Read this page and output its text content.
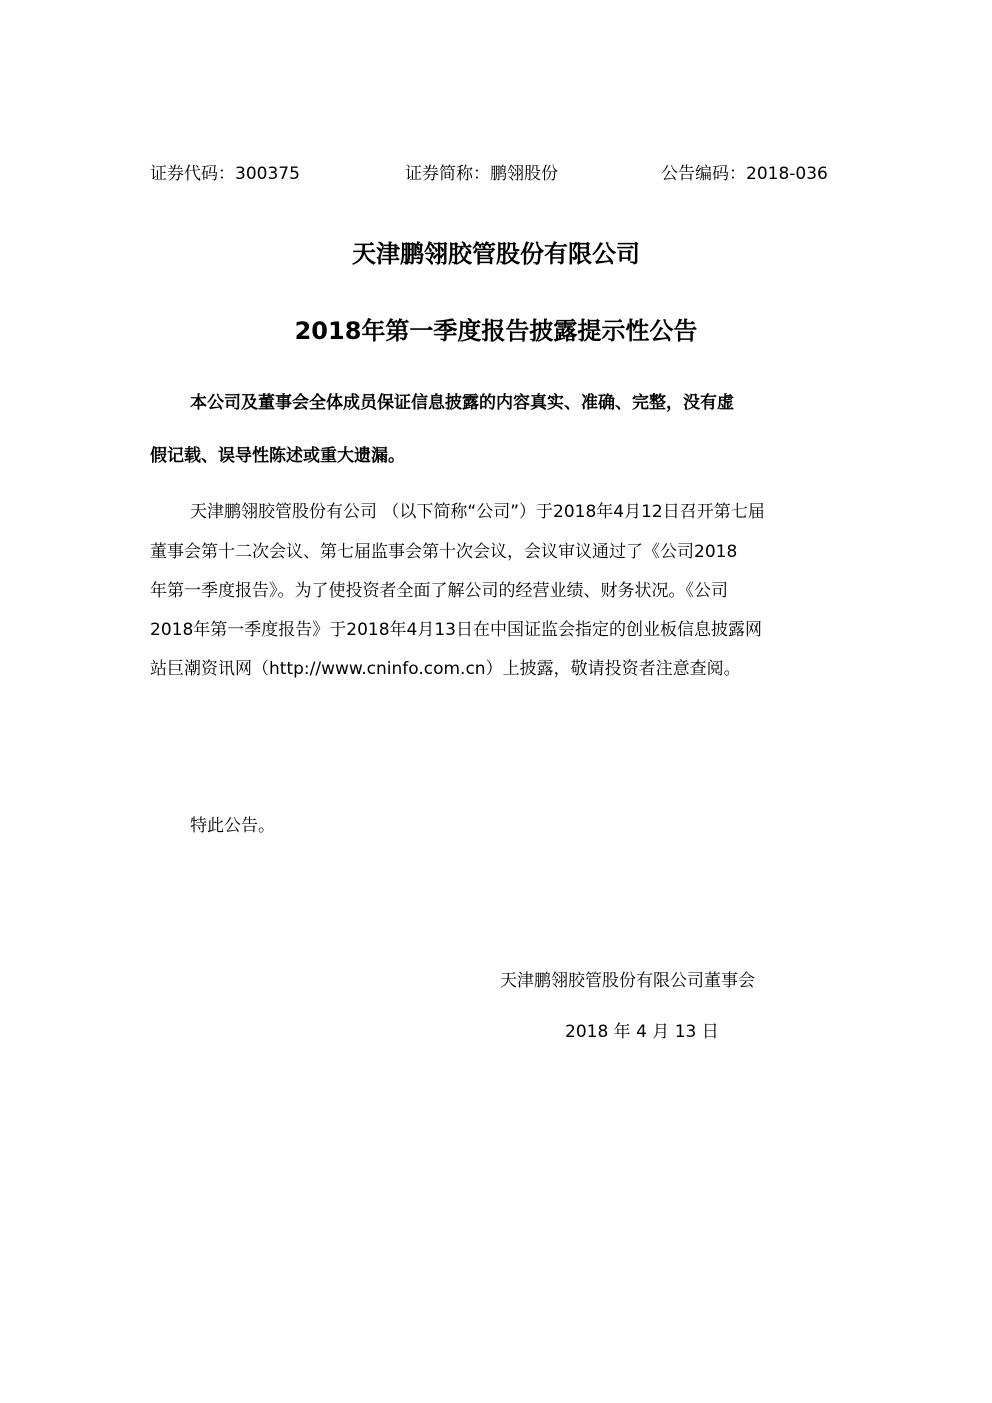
证券代码：300375	证券简称：鹏翎股份	公告编码：2018-036
天津鹏翎胶管股份有限公司
2018年第一季度报告披露提示性公告
本公司及董事会全体成员保证信息披露的内容真实、准确、完整，没有虚
假记载、误导性陈述或重大遗漏。
天津鹏翎胶管股份有公司 （以下简称“公司”）于2018年4月12日召开第七届
董事会第十二次会议、第七届监事会第十次会议，会议审议通过了《公司2018
年第一季度报告》。为了使投资者全面了解公司的经营业绩、财务状况。《公司
2018年第一季度报告》于2018年4月13日在中国证监会指定的创业板信息披露网
站巨潮资讯网（http://www.cninfo.com.cn）上披露，敬请投资者注意查阅。
特此公告。
天津鹏翎胶管股份有限公司董事会
2018 年 4 月 13 日
